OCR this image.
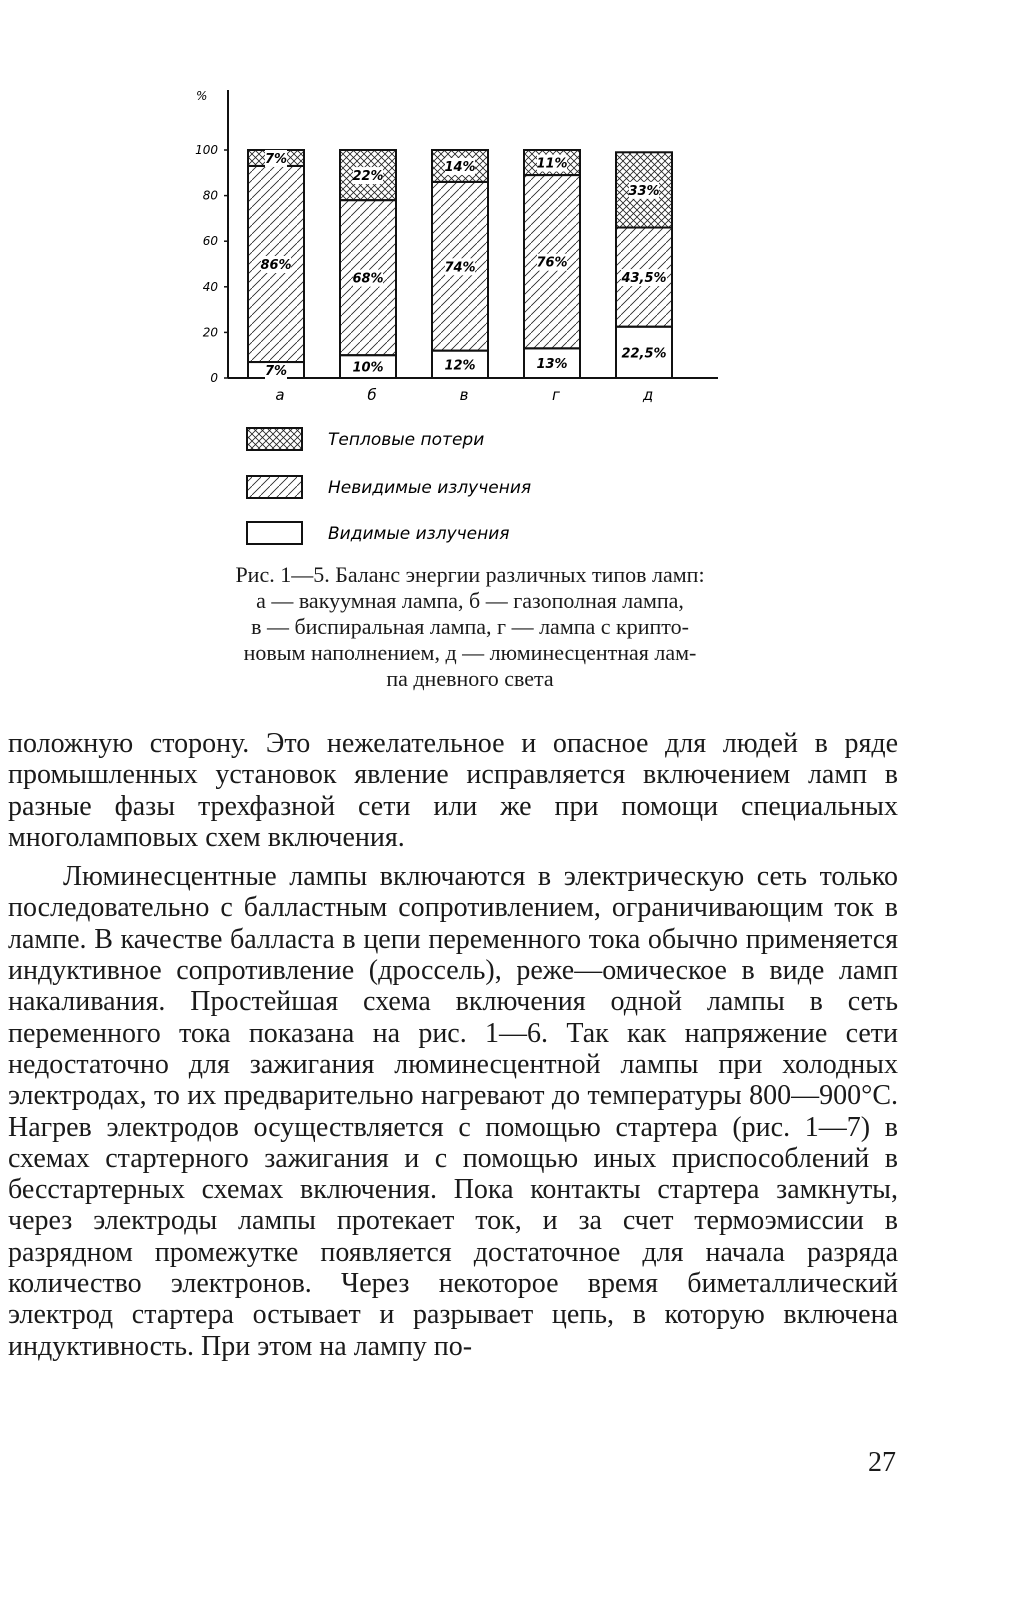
%
100
80
60
40
20
0	7%
86%
7%
а
10%
68%
22%
б
12%
74%
14%
в
13%
76%
11%
г
22,5%
43,5%
33%
д
Тепловые потери
Невидимые излучения
Видимые излучения
Рис. 1—5. Баланс энергии различных типов ламп:
а — вакуумная лампа, б — газополная лампа,
в — биспиральная лампа, г — лампа с крипто-
новым наполнением, д — люминесцентная лам-
па дневного света

положную сторону. Это нежелательное и опасное для людей в ряде промышленных установок явление исправляется включением ламп в разные фазы трехфазной сети или же при помощи специальных многоламповых схем включения.

Люминесцентные лампы включаются в электрическую сеть только последовательно с балластным сопротивлением, ограничивающим ток в лампе. В качестве балласта в цепи переменного тока обычно применяется индуктивное сопротивление (дроссель), реже—омическое в виде ламп накаливания. Простейшая схема включения одной лампы в сеть переменного тока показана на рис. 1—6. Так как напряжение сети недостаточно для зажигания люминесцентной лампы при холодных электродах, то их предварительно нагревают до температуры 800—900°С. Нагрев электродов осуществляется с помощью стартера (рис. 1—7) в схемах стартерного зажигания и с помощью иных приспособлений в бесстартерных схемах включения. Пока контакты стартера замкнуты, через электроды лампы протекает ток, и за счет термоэмиссии в разрядном промежутке появляется достаточное для начала разряда количество электронов. Через некоторое время биметаллический электрод стартера остывает и разрывает цепь, в которую включена индуктивность. При этом на лампу по-

27
